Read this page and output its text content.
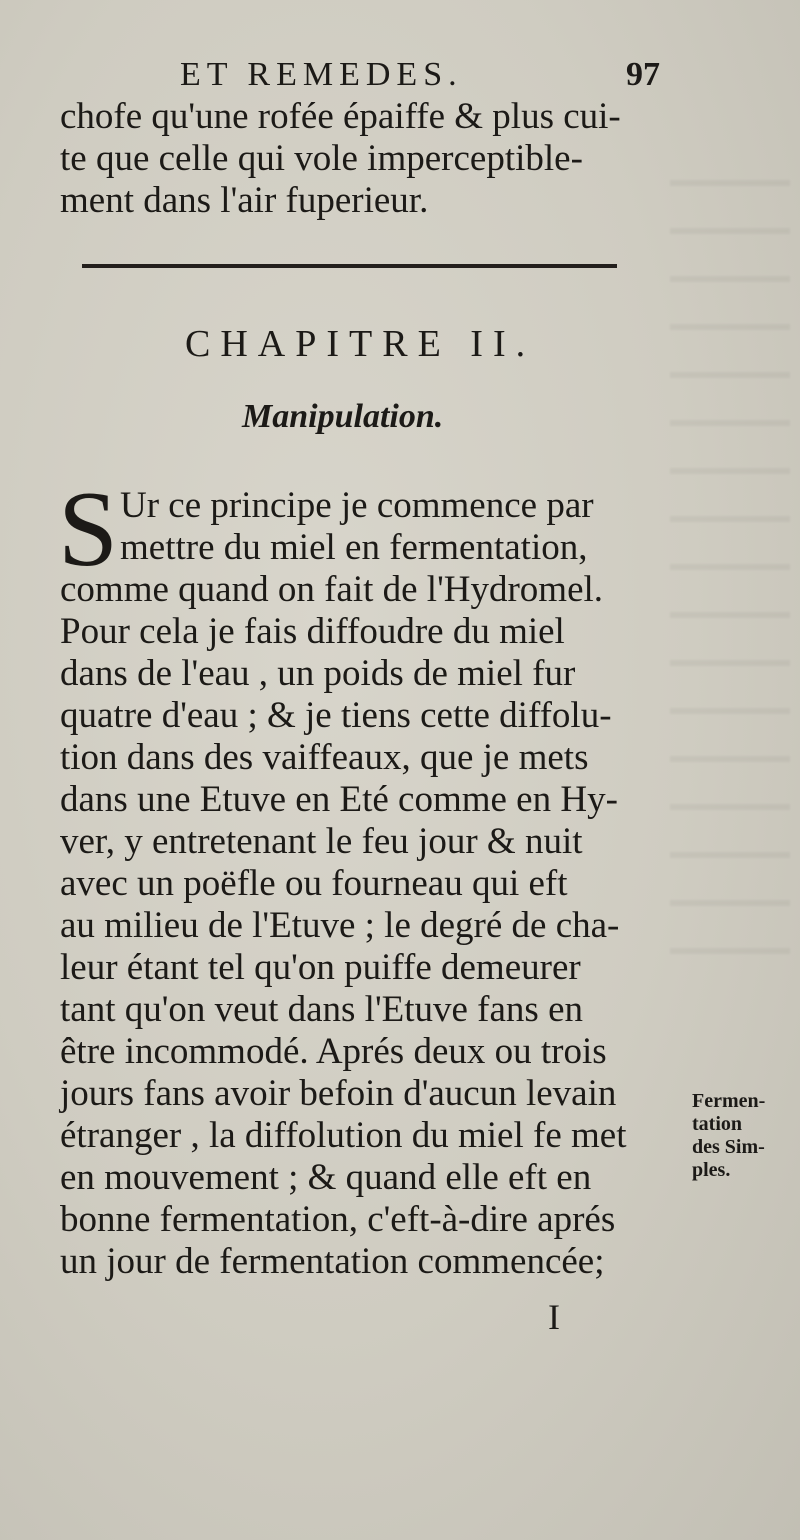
ET REMEDES.	97
chofe qu'une rofée épaiffe & plus cui-
te que celle qui vole imperceptible-
ment dans l'air fuperieur.
CHAPITRE II.
Manipulation.
S Ur ce principe je commence par
mettre du miel en fermentation,
comme quand on fait de l'Hydromel.
Pour cela je fais diffoudre du miel
dans de l'eau , un poids de miel fur
quatre d'eau ; & je tiens cette diffolu-
tion dans des vaiffeaux, que je mets
dans une Etuve en Eté comme en Hy-
ver, y entretenant le feu jour & nuit
avec un poëfle ou fourneau qui eft
au milieu de l'Etuve ; le degré de cha-
leur étant tel qu'on puiffe demeurer
tant qu'on veut dans l'Etuve fans en
être incommodé. Aprés deux ou trois
jours fans avoir befoin d'aucun levain
étranger , la diffolution du miel fe met
en mouvement ; & quand elle eft en
bonne fermentation, c'eft-à-dire aprés
un jour de fermentation commencée;
Fermen-
tation
des Sim-
ples.
I
